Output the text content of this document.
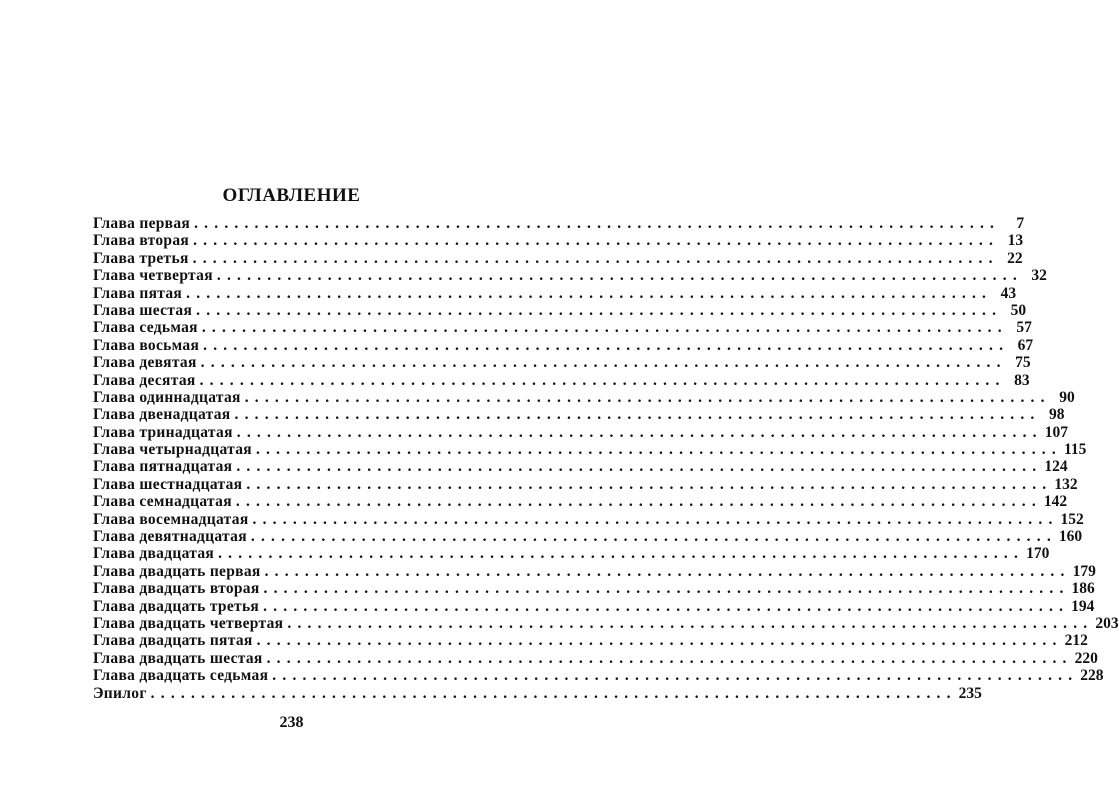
ОГЛАВЛЕНИЕ
Глава первая ................................................................................	7
Глава вторая ................................................................................ 13
Глава третья ................................................................................ 22
Глава четвертая ................................................................................ 32
Глава пятая ................................................................................ 43
Глава шестая ................................................................................ 50
Глава седьмая ................................................................................ 57
Глава восьмая ................................................................................ 67
Глава девятая ................................................................................ 75
Глава десятая ................................................................................ 83
Глава одиннадцатая ................................................................................ 90
Глава двенадцатая ................................................................................ 98
Глава тринадцатая ................................................................................ 107
Глава четырнадцатая ................................................................................ 115
Глава пятнадцатая ................................................................................ 124
Глава шестнадцатая ................................................................................ 132
Глава семнадцатая ................................................................................ 142
Глава восемнадцатая ................................................................................ 152
Глава девятнадцатая ................................................................................ 160
Глава двадцатая ................................................................................ 170
Глава двадцать первая ................................................................................ 179
Глава двадцать вторая ................................................................................ 186
Глава двадцать третья ................................................................................ 194
Глава двадцать четвертая ................................................................................ 203
Глава двадцать пятая ................................................................................ 212
Глава двадцать шестая ................................................................................ 220
Глава двадцать седьмая ................................................................................ 228
Эпилог ................................................................................ 235
238
